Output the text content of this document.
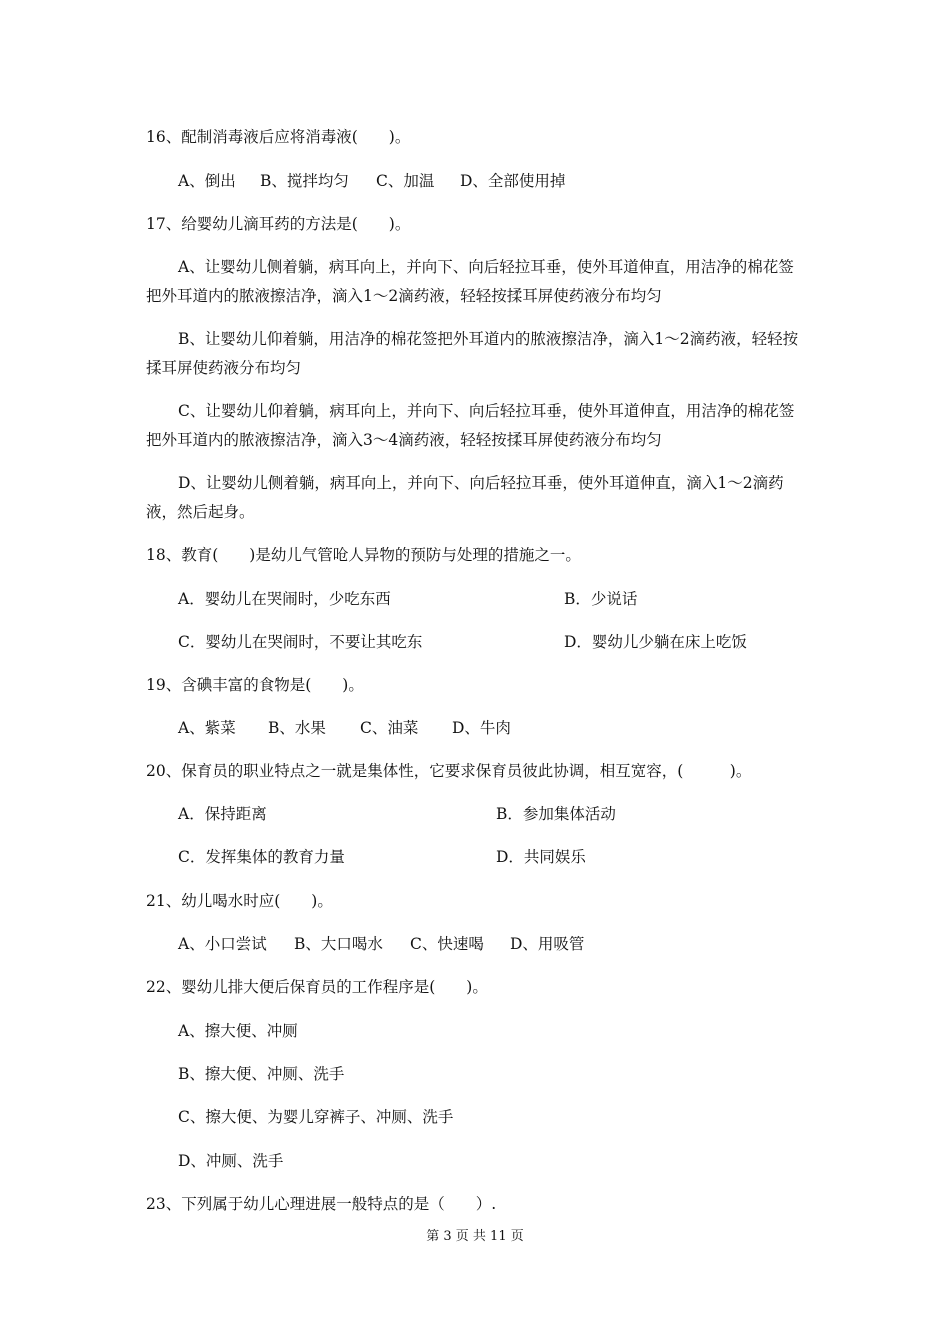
16、配制消毒液后应将消毒液(　　)。
A、倒出 B、搅拌均匀 C、加温 D、全部使用掉
17、给婴幼儿滴耳药的方法是(　　)。
A、让婴幼儿侧着躺，病耳向上，并向下、向后轻拉耳垂，使外耳道伸直，用洁净的棉花签把外耳道内的脓液擦洁净，滴入1～2滴药液，轻轻按揉耳屏使药液分布均匀
B、让婴幼儿仰着躺，用洁净的棉花签把外耳道内的脓液擦洁净，滴入1～2滴药液，轻轻按揉耳屏使药液分布均匀
C、让婴幼儿仰着躺，病耳向上，并向下、向后轻拉耳垂，使外耳道伸直，用洁净的棉花签把外耳道内的脓液擦洁净，滴入3～4滴药液，轻轻按揉耳屏使药液分布均匀
D、让婴幼儿侧着躺，病耳向上，并向下、向后轻拉耳垂，使外耳道伸直，滴入1～2滴药液，然后起身。
18、教育(　　)是幼儿气管呛人异物的预防与处理的措施之一。
A．婴幼儿在哭闹时，少吃东西	B．少说话
C．婴幼儿在哭闹时，不要让其吃东	D．婴幼儿少躺在床上吃饭
19、含碘丰富的食物是(　　)。
A、紫菜 B、水果 C、油菜 D、牛肉
20、保育员的职业特点之一就是集体性，它要求保育员彼此协调，相互宽容，(　　　)。
A．保持距离	B．参加集体活动
C．发挥集体的教育力量	D．共同娱乐
21、幼儿喝水时应(　　)。
A、小口尝试 B、大口喝水 C、快速喝 D、用吸管
22、婴幼儿排大便后保育员的工作程序是(　　)。
A、擦大便、冲厕
B、擦大便、冲厕、洗手
C、擦大便、为婴儿穿裤子、冲厕、洗手
D、冲厕、洗手
23、下列属于幼儿心理进展一般特点的是（　　）.
第 3 页 共 11 页
